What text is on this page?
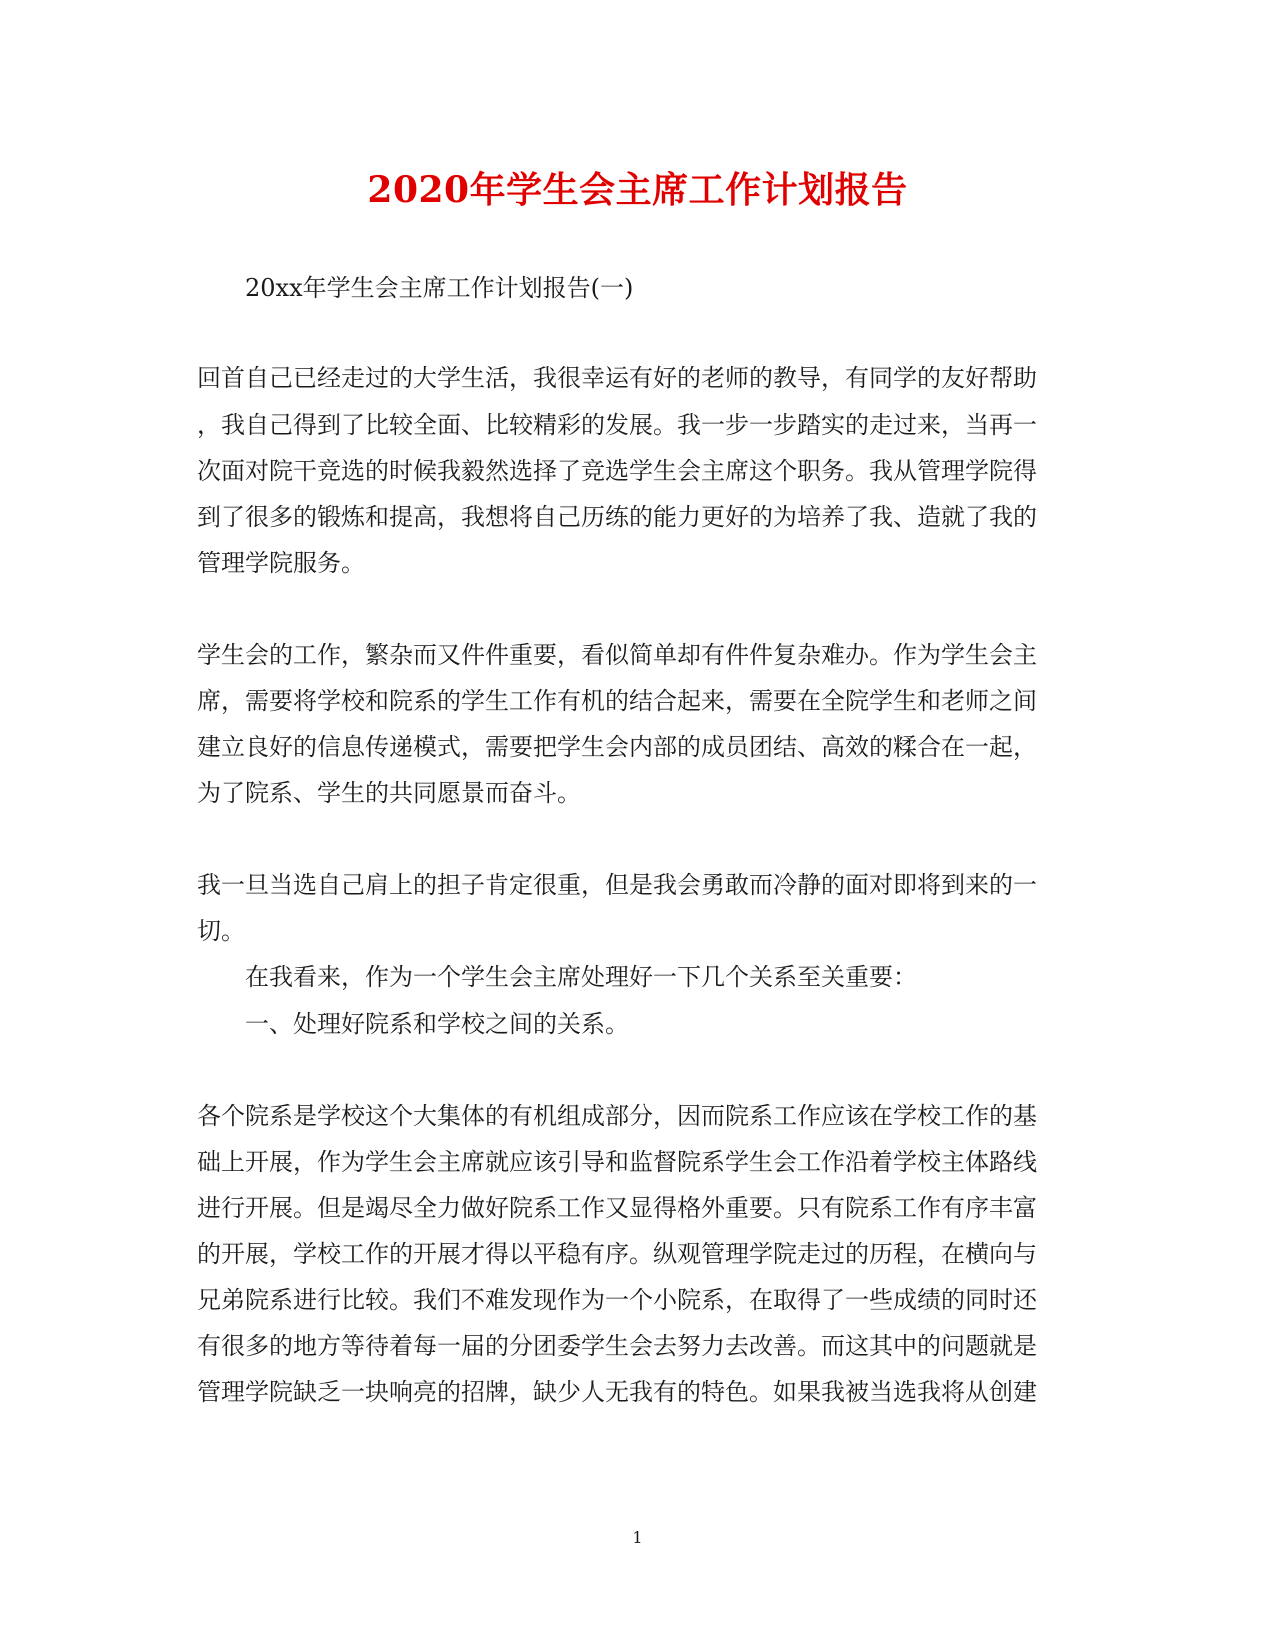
2020年学生会主席工作计划报告
20xx年学生会主席工作计划报告(一)
回首自己已经走过的大学生活，我很幸运有好的老师的教导，有同学的友好帮助
，我自己得到了比较全面、比较精彩的发展。我一步一步踏实的走过来，当再一
次面对院干竞选的时候我毅然选择了竞选学生会主席这个职务。我从管理学院得
到了很多的锻炼和提高，我想将自己历练的能力更好的为培养了我、造就了我的
管理学院服务。
学生会的工作，繁杂而又件件重要，看似简单却有件件复杂难办。作为学生会主
席，需要将学校和院系的学生工作有机的结合起来，需要在全院学生和老师之间
建立良好的信息传递模式，需要把学生会内部的成员团结、高效的糅合在一起，
为了院系、学生的共同愿景而奋斗。
我一旦当选自己肩上的担子肯定很重，但是我会勇敢而冷静的面对即将到来的一
切。
在我看来，作为一个学生会主席处理好一下几个关系至关重要：
一、处理好院系和学校之间的关系。
各个院系是学校这个大集体的有机组成部分，因而院系工作应该在学校工作的基
础上开展，作为学生会主席就应该引导和监督院系学生会工作沿着学校主体路线
进行开展。但是竭尽全力做好院系工作又显得格外重要。只有院系工作有序丰富
的开展，学校工作的开展才得以平稳有序。纵观管理学院走过的历程，在横向与
兄弟院系进行比较。我们不难发现作为一个小院系，在取得了一些成绩的同时还
有很多的地方等待着每一届的分团委学生会去努力去改善。而这其中的问题就是
管理学院缺乏一块响亮的招牌，缺少人无我有的特色。如果我被当选我将从创建
1
